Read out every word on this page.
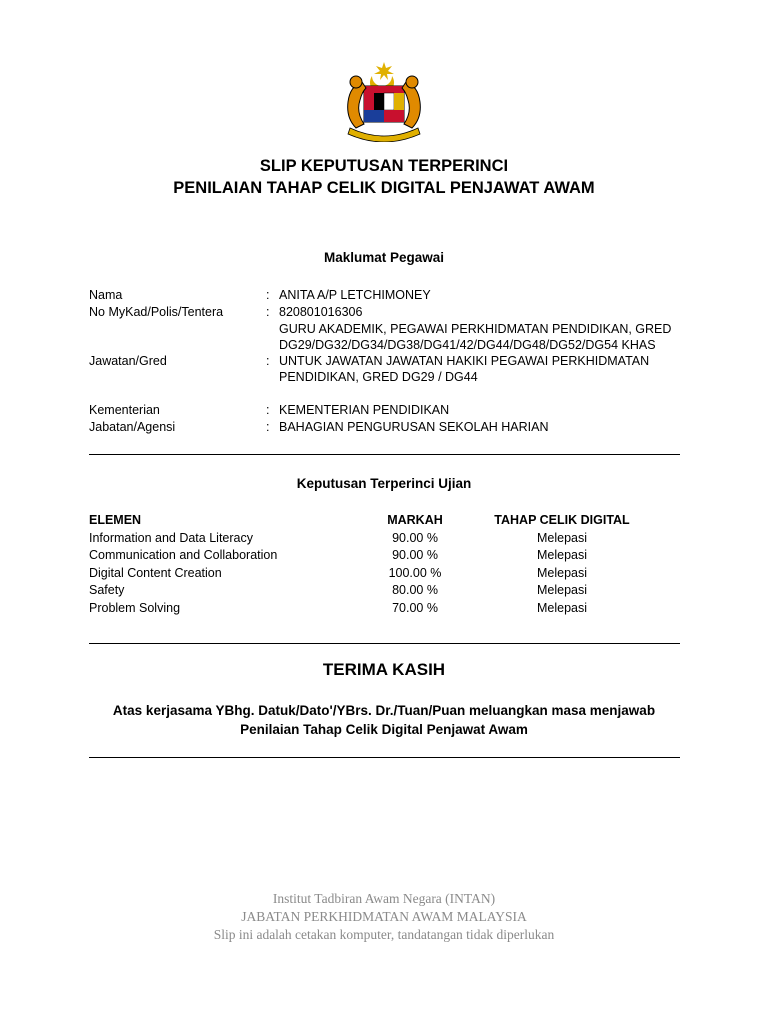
SLIP KEPUTUSAN TERPERINCI
PENILAIAN TAHAP CELIK DIGITAL PENJAWAT AWAM
Maklumat Pegawai
Nama	: ANITA A/P LETCHIMONEY
No MyKad/Polis/Tentera	: 820801016306
Jawatan/Gred	:
GURU AKADEMIK, PEGAWAI PERKHIDMATAN PENDIDIKAN, GRED DG29/DG32/DG34/DG38/DG41/42/DG44/DG48/DG52/DG54 KHAS UNTUK JAWATAN JAWATAN HAKIKI PEGAWAI PERKHIDMATAN PENDIDIKAN, GRED DG29 / DG44
Kementerian	: KEMENTERIAN PENDIDIKAN
Jabatan/Agensi	: BAHAGIAN PENGURUSAN SEKOLAH HARIAN
Keputusan Terperinci Ujian
ELEMEN	MARKAH	TAHAP CELIK DIGITAL
Information and Data Literacy	90.00 %	Melepasi
Communication and Collaboration	90.00 %	Melepasi
Digital Content Creation	100.00 %	Melepasi
Safety	80.00 %	Melepasi
Problem Solving	70.00 %	Melepasi
TERIMA KASIH
Atas kerjasama YBhg. Datuk/Dato'/YBrs. Dr./Tuan/Puan meluangkan masa menjawab Penilaian Tahap Celik Digital Penjawat Awam
Institut Tadbiran Awam Negara (INTAN)
JABATAN PERKHIDMATAN AWAM MALAYSIA
Slip ini adalah cetakan komputer, tandatangan tidak diperlukan
